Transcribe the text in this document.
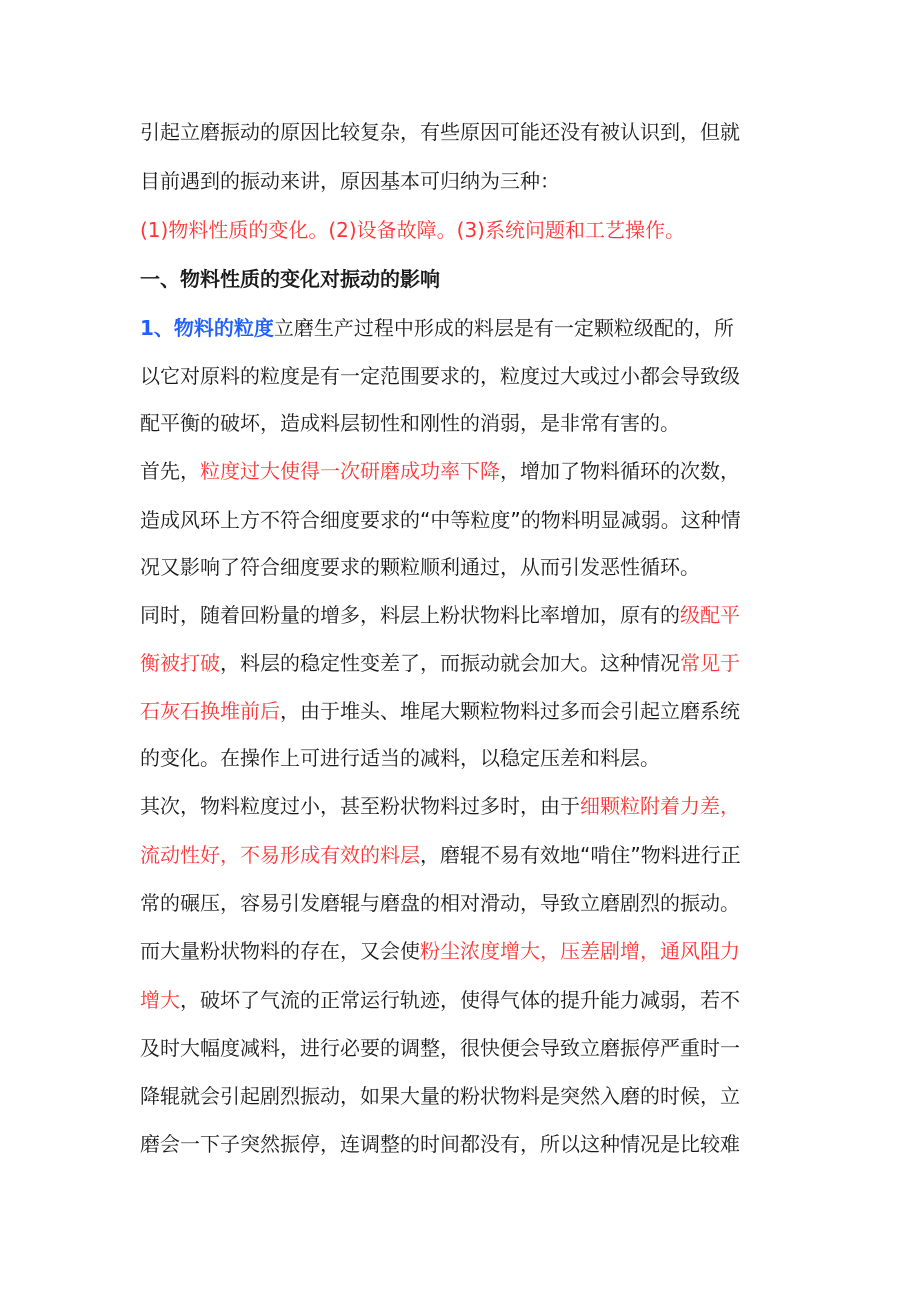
引起立磨振动的原因比较复杂，有些原因可能还没有被认识到，但就
目前遇到的振动来讲，原因基本可归纳为三种：
(1)物料性质的变化。(2)设备故障。(3)系统问题和工艺操作。
一、物料性质的变化对振动的影响
1、物料的粒度立磨生产过程中形成的料层是有一定颗粒级配的，所
以它对原料的粒度是有一定范围要求的，粒度过大或过小都会导致级
配平衡的破坏，造成料层韧性和刚性的消弱，是非常有害的。
首先，粒度过大使得一次研磨成功率下降，增加了物料循环的次数，
造成风环上方不符合细度要求的“中等粒度”的物料明显减弱。这种情
况又影响了符合细度要求的颗粒顺利通过，从而引发恶性循环。
同时，随着回粉量的增多，料层上粉状物料比率增加，原有的级配平
衡被打破，料层的稳定性变差了，而振动就会加大。这种情况常见于
石灰石换堆前后，由于堆头、堆尾大颗粒物料过多而会引起立磨系统
的变化。在操作上可进行适当的减料，以稳定压差和料层。
其次，物料粒度过小，甚至粉状物料过多时，由于细颗粒附着力差，
流动性好，不易形成有效的料层，磨辊不易有效地“啃住”物料进行正
常的碾压，容易引发磨辊与磨盘的相对滑动，导致立磨剧烈的振动。
而大量粉状物料的存在，又会使粉尘浓度增大，压差剧增，通风阻力
增大，破坏了气流的正常运行轨迹，使得气体的提升能力减弱，若不
及时大幅度减料，进行必要的调整，很快便会导致立磨振停严重时一
降辊就会引起剧烈振动，如果大量的粉状物料是突然入磨的时候，立
磨会一下子突然振停，连调整的时间都没有，所以这种情况是比较难
